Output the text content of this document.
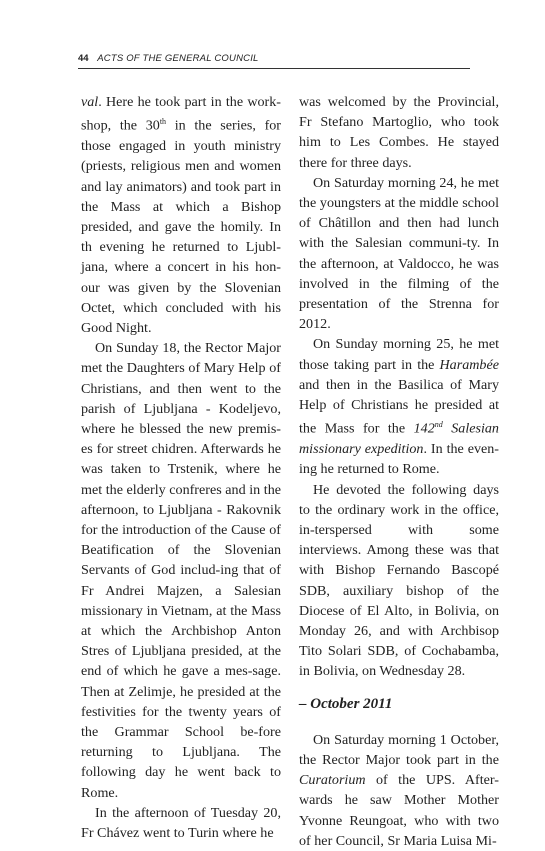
44 ACTS OF THE GENERAL COUNCIL

val. Here he took part in the work-shop, the 30th in the series, for those engaged in youth ministry (priests, religious men and women and lay animators) and took part in the Mass at which a Bishop presided, and gave the homily. In th evening he returned to Ljubl-jana, where a concert in his hon-our was given by the Slovenian Octet, which concluded with his Good Night.

On Sunday 18, the Rector Major met the Daughters of Mary Help of Christians, and then went to the parish of Ljubljana - Kodeljevo, where he blessed the new premis-es for street chidren. Afterwards he was taken to Trstenik, where he met the elderly confreres and in the afternoon, to Ljubljana - Rakovnik for the introduction of the Cause of Beatification of the Slovenian Servants of God includ-ing that of Fr Andrei Majzen, a Salesian missionary in Vietnam, at the Mass at which the Archbishop Anton Stres of Ljubljana presided, at the end of which he gave a mes-sage. Then at Zelimje, he presided at the festivities for the twenty years of the Grammar School be-fore returning to Ljubljana. The following day he went back to Rome.

In the afternoon of Tuesday 20, Fr Chávez went to Turin where he

was welcomed by the Provincial, Fr Stefano Martoglio, who took him to Les Combes. He stayed there for three days.

On Saturday morning 24, he met the youngsters at the middle school of Châtillon and then had lunch with the Salesian communi-ty. In the afternoon, at Valdocco, he was involved in the filming of the presentation of the Strenna for 2012.

On Sunday morning 25, he met those taking part in the Harambée and then in the Basilica of Mary Help of Christians he presided at the Mass for the 142nd Salesian missionary expedition. In the even-ing he returned to Rome.

He devoted the following days to the ordinary work in the office, in-terspersed with some interviews. Among these was that with Bishop Fernando Bascopé SDB, auxiliary bishop of the Diocese of El Alto, in Bolivia, on Monday 26, and with Archbisop Tito Solari SDB, of Cochabamba, in Bolivia, on Wednesday 28.

– October 2011

On Saturday morning 1 October, the Rector Major took part in the Curatorium of the UPS. After-wards he saw Mother Mother Yvonne Reungoat, who with two of her Council, Sr Maria Luisa Mi-
